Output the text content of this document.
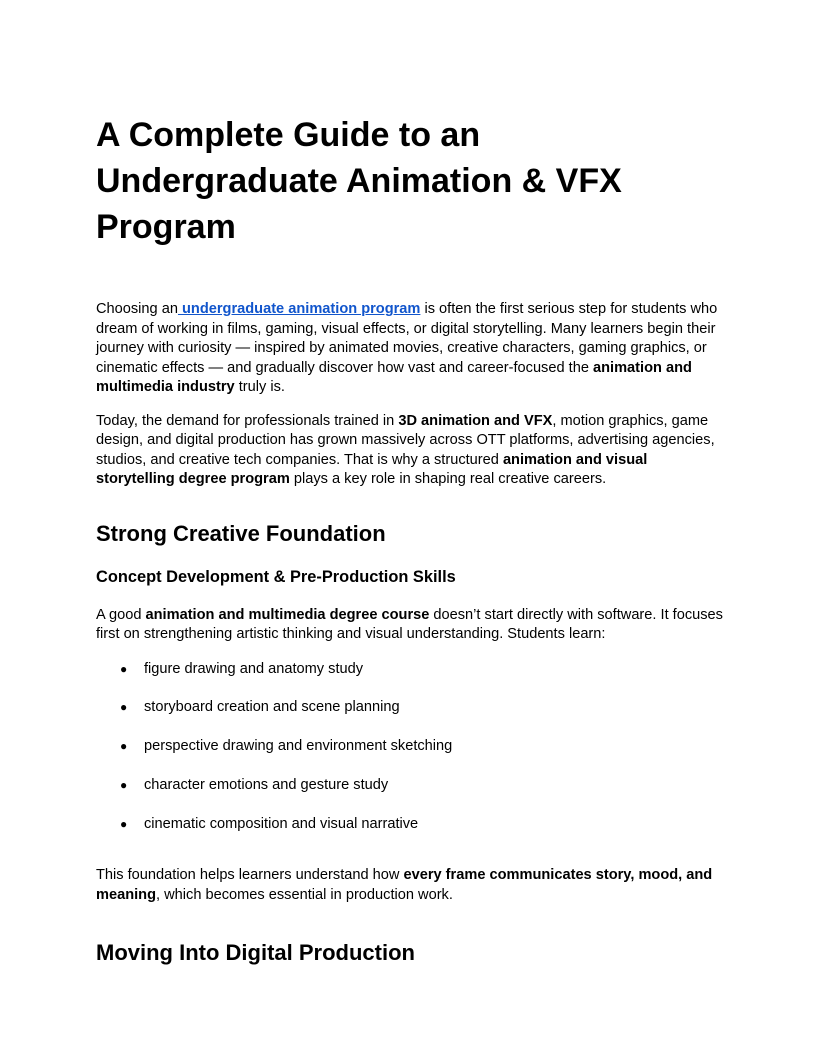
A Complete Guide to an
Undergraduate Animation & VFX
Program

Choosing an undergraduate animation program is often the first serious step for students who dream of working in films, gaming, visual effects, or digital storytelling. Many learners begin their journey with curiosity — inspired by animated movies, creative characters, gaming graphics, or cinematic effects — and gradually discover how vast and career-focused the animation and multimedia industry truly is.

Today, the demand for professionals trained in 3D animation and VFX, motion graphics, game design, and digital production has grown massively across OTT platforms, advertising agencies, studios, and creative tech companies. That is why a structured animation and visual storytelling degree program plays a key role in shaping real creative careers.

Strong Creative Foundation
Concept Development & Pre-Production Skills

A good animation and multimedia degree course doesn’t start directly with software. It focuses first on strengthening artistic thinking and visual understanding. Students learn:

● figure drawing and anatomy study
● storyboard creation and scene planning
● perspective drawing and environment sketching
● character emotions and gesture study
● cinematic composition and visual narrative

This foundation helps learners understand how every frame communicates story, mood, and meaning, which becomes essential in production work.

Moving Into Digital Production
